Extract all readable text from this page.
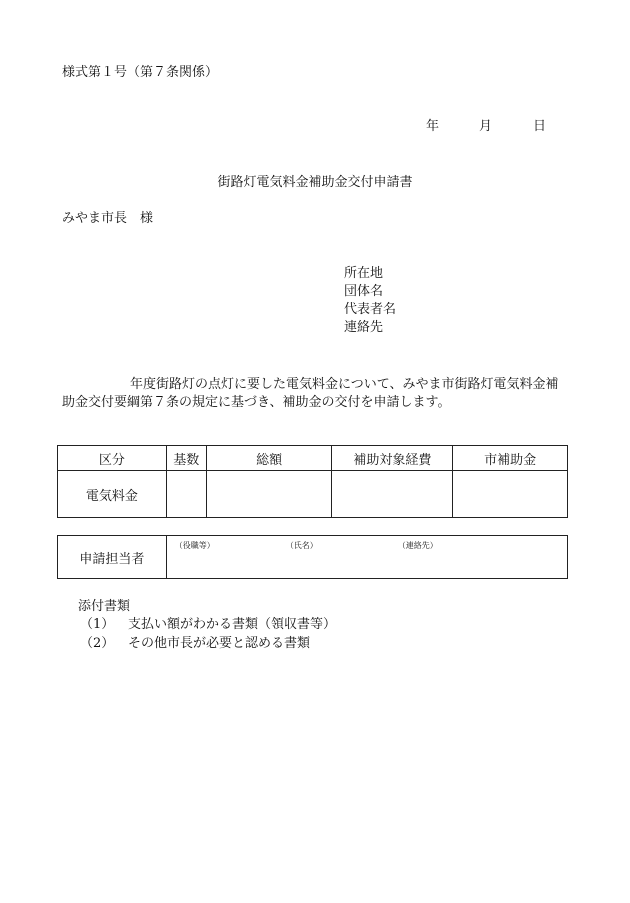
様式第１号（第７条関係）
年	月	日
街路灯電気料金補助金交付申請書
みやま市長　様
所在地
団体名
代表者名
連絡先
年度街路灯の点灯に要した電気料金について、みやま市街路灯電気料金補助金交付要綱第７条の規定に基づき、補助金の交付を申請します。
区分	基数	総額	補助対象経費	市補助金
電気料金				
申請担当者	
（役職等）	（氏名）	（連絡先）
添付書類
（1） 支払い額がわかる書類（領収書等）
（2） その他市長が必要と認める書類
